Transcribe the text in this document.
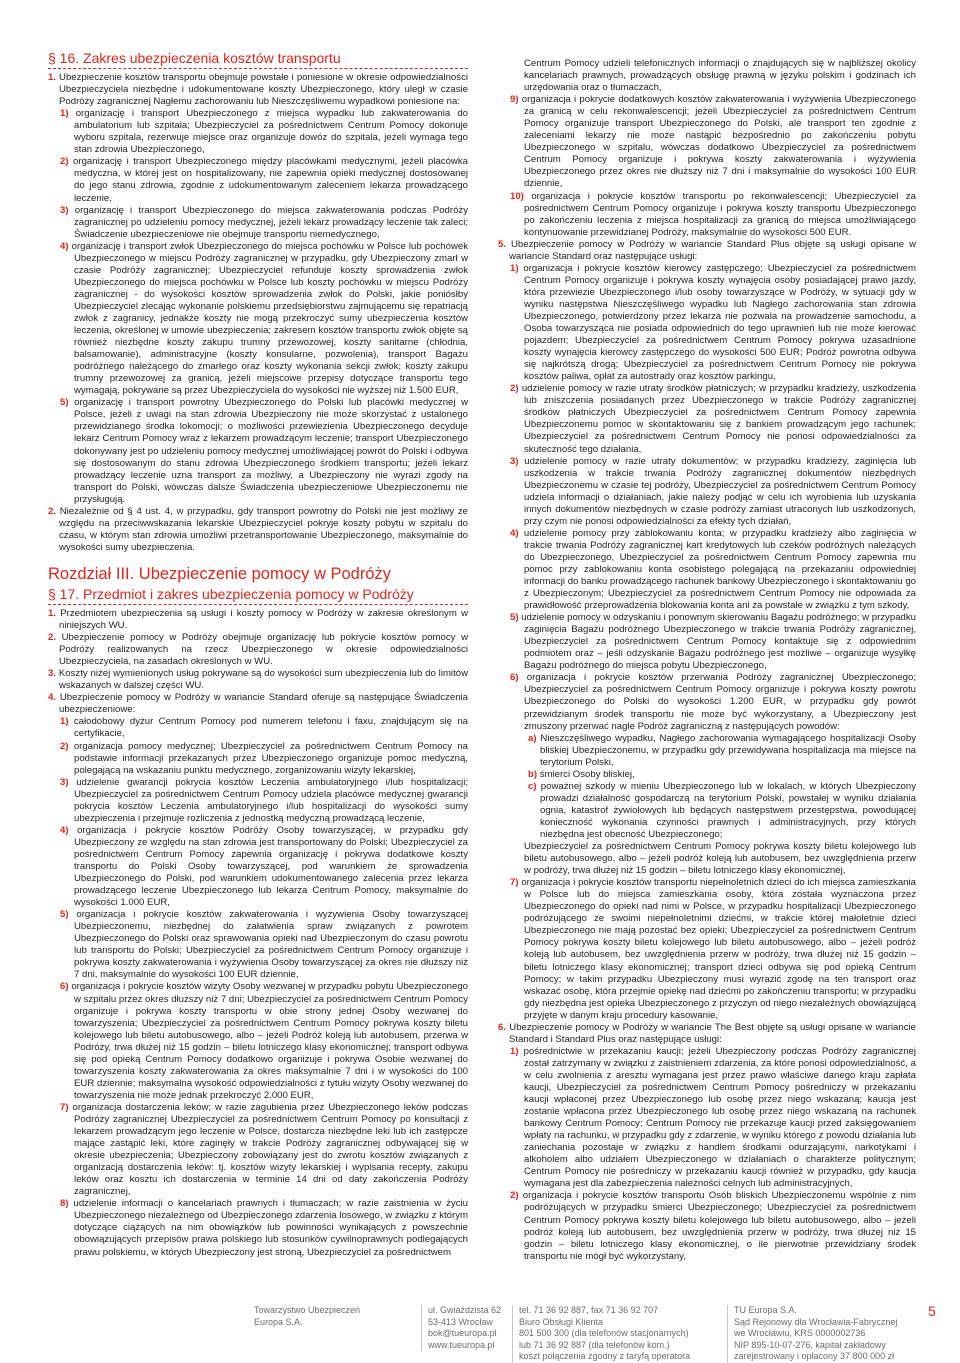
§ 16. Zakres ubezpieczenia kosztów transportu
1. Ubezpieczenie kosztów transportu obejmuje powstałe i poniesione w okresie odpowiedzialności Ubezpieczyciela niezbędne i udokumentowane koszty Ubezpieczonego, który uległ w czasie Podróży zagranicznej Nagłemu zachorowaniu lub Nieszczęśliwemu wypadkowi poniesione na:
1) organizację i transport Ubezpieczonego z miejsca wypadku lub zakwaterowania do ambulatorium lub szpitala; Ubezpieczyciel za pośrednictwem Centrum Pomocy dokonuje wyboru szpitala, rezerwuje miejsce oraz organizuje dowóz do szpitala, jeżeli wymaga tego stan zdrowia Ubezpieczonego,
2) organizację i transport Ubezpieczonego między placówkami medycznymi, jeżeli placówka medyczna, w której jest on hospitalizowany, nie zapewnia opieki medycznej dostosowanej do jego stanu zdrowia, zgodnie z udokumentowanym zaleceniem lekarza prowadzącego leczenie,
3) organizację i transport Ubezpieczonego do miejsca zakwaterowania podczas Podróży zagranicznej po udzieleniu pomocy medycznej, jeżeli lekarz prowadzący leczenie tak zaleci; Świadczenie ubezpieczeniowe nie obejmuje transportu niemedycznego,
4) organizację i transport zwłok Ubezpieczonego do miejsca pochówku w Polsce lub pochówek Ubezpieczonego w miejscu Podróży zagranicznej w przypadku, gdy Ubezpieczony zmarł w czasie Podróży zagranicznej; Ubezpieczyciel refunduje koszty sprowadzenia zwłok Ubezpieczonego do miejsca pochówku w Polsce lub koszty pochówku w miejscu Podróży zagranicznej - do wysokości kosztów sprowadzenia zwłok do Polski, jakie poniósłby Ubezpieczyciel zlecając wykonanie polskiemu przedsiębiorstwu zajmującemu się repatriacją zwłok z zagranicy, jednakże koszty nie mogą przekroczyć sumy ubezpieczenia kosztów leczenia, określonej w umowie ubezpieczenia; zakresem kosztów transportu zwłok objęte są również niezbędne koszty zakupu trumny przewozowej, koszty sanitarne (chłodnia, balsamowanie), administracyjne (koszty konsularne, pozwolenia), transport Bagażu podróżnego należącego do zmarłego oraz koszty wykonania sekcji zwłok; koszty zakupu trumny przewozowej za granicą, jeżeli miejscowe przepisy dotyczące transportu tego wymagają, pokrywane są przez Ubezpieczyciela do wysokości nie wyższej niż 1.500 EUR,
5) organizację i transport powrotny Ubezpieczonego do Polski lub placówki medycznej w Polsce, jeżeli z uwagi na stan zdrowia Ubezpieczony nie może skorzystać z ustalonego przewidzianego środka lokomocji; o możliwości przewiezienia Ubezpieczonego decyduje lekarz Centrum Pomocy wraz z lekarzem prowadzącym leczenie; transport Ubezpieczonego dokonywany jest po udzieleniu pomocy medycznej umożliwiającej powrót do Polski i odbywa się dostosowanym do stanu zdrowia Ubezpieczonego środkiem transportu; jeżeli lekarz prowadzący leczenie uzna transport za możliwy, a Ubezpieczony nie wyrazi zgody na transport do Polski, wówczas dalsze Świadczenia ubezpieczeniowe Ubezpieczonemu nie przysługują.
2. Niezależnie od § 4 ust. 4, w przypadku, gdy transport powrotny do Polski nie jest możliwy ze względu na przeciwwskazania lekarskie Ubezpieczyciel pokryje koszty pobytu w szpitalu do czasu, w którym stan zdrowia umożliwi przetransportowanie Ubezpieczonego, maksymalnie do wysokości sumy ubezpieczenia.
Rozdział III. Ubezpieczenie pomocy w Podróży
§ 17. Przedmiot i zakres ubezpieczenia pomocy w Podróży
1. Przedmiotem ubezpieczenia są usługi i koszty pomocy w Podróży w zakresie określonym w niniejszych WU.
2. Ubezpieczenie pomocy w Podróży obejmuje organizację lub pokrycie kosztów pomocy w Podróży realizowanych na rzecz Ubezpieczonego w okresie odpowiedzialności Ubezpieczyciela, na zasadach określonych w WU.
3. Koszty niżej wymienionych usług pokrywane są do wysokości sum ubezpieczenia lub do limitów wskazanych w dalszej części WU.
4. Ubezpieczenie pomocy w Podróży w wariancie Standard oferuje są następujące Świadczenia ubezpieczeniowe:
1) całodobowy dyżur Centrum Pomocy pod numerem telefonu i faxu, znajdującym się na certyfikacie,
2) organizacja pomocy medycznej; Ubezpieczyciel za pośrednictwem Centrum Pomocy na podstawie informacji przekazanych przez Ubezpieczonego organizuje pomoc medyczną, polegającą na wskazaniu punktu medycznego, zorganizowaniu wizyty lekarskiej,
3) udzielenie gwarancji pokrycia kosztów Leczenia ambulatoryjnego i/lub hospitalizacji; Ubezpieczyciel za pośrednictwem Centrum Pomocy udziela placówce medycznej gwarancji pokrycia kosztów Leczenia ambulatoryjnego i/lub hospitalizacji do wysokości sumy ubezpieczenia i przejmuje rozliczenia z jednostką medyczną prowadzącą leczenie,
4) organizacja i pokrycie kosztów Podróży Osoby towarzyszącej, w przypadku gdy Ubezpieczony ze względu na stan zdrowia jest transportowany do Polski; Ubezpieczyciel za pośrednictwem Centrum Pomocy zapewnia organizację i pokrywa dodatkowe koszty transportu do Polski Osoby towarzyszącej, pod warunkiem że sprowadzenia Ubezpieczonego do Polski, pod warunkiem udokumentowanego zalecenia przez lekarza prowadzącego leczenie Ubezpieczonego lub lekarza Centrum Pomocy, maksymalnie do wysokości 1.000 EUR,
5) organizacja i pokrycie kosztów zakwaterowania i wyżywienia Osoby towarzyszącej Ubezpieczonemu, niezbędnej do załatwienia spraw związanych z powrotem Ubezpieczonego do Polski oraz sprawowania opieki nad Ubezpieczonym do czasu powrotu lub transportu do Polski; Ubezpieczyciel za pośrednictwem Centrum Pomocy organizuje i pokrywa koszty zakwaterowania i wyżywienia Osoby towarzyszącej za okres nie dłuższy niż 7 dni, maksymalnie do wysokości 100 EUR dziennie,
6) organizacja i pokrycie kosztów wizyty Osoby wezwanej w przypadku pobytu Ubezpieczonego w szpitalu przez okres dłuższy niż 7 dni; Ubezpieczyciel za pośrednictwem Centrum Pomocy organizuje i pokrywa koszty transportu w obie strony jednej Osoby wezwanej do towarzyszenia; Ubezpieczyciel za pośrednictwem Centrum Pomocy pokrywa koszty biletu kolejowego lub biletu autobusowego, albo – jeżeli Podróż koleją lub autobusem, przerwa w Podróży, trwa dłużej niż 15 godzin – biletu lotniczego klasy ekonomicznej; transport odbywa się pod opieką Centrum Pomocy dodatkowo organizuje i pokrywa Osobie wezwanej do towarzyszenia koszty zakwaterowania za okres maksymalnie 7 dni i w wysokości do 100 EUR dziennie; maksymalna wysokość odpowiedzialności z tytułu wizyty Osoby wezwanej do towarzyszenia nie może jednak przekroczyć 2.000 EUR,
7) organizacja dostarczenia leków; w razie zagubienia przez Ubezpieczonego leków podczas Podróży zagranicznej Ubezpieczyciel za pośrednictwem Centrum Pomocy po konsultacji z lekarzem prowadzącym jego leczenie w Polsce, dostarcza niezbędne leki lub ich zastępcze mające zastąpić leki, które zaginęły w trakcie Podróży zagranicznej odbywającej się w okresie ubezpieczenia; Ubezpieczony zobowiązany jest do zwrotu kosztów związanych z organizacją dostarczenia leków: tj. kosztów wizyty lekarskiej i wypisania recepty, zakupu leków oraz kosztu ich dostarczenia w terminie 14 dni od daty zakończenia Podróży zagranicznej,
8) udzielenie informacji o kancelariach prawnych i tłumaczach; w razie zaistnienia w życiu Ubezpieczonego niezależnego od Ubezpieczonego zdarzenia losowego, w związku z którym dotyczące ciążących na nim obowiązków lub powinności wynikających z powszechnie obowiązujących przepisów prawa polskiego lub stosunków cywilnoprawnych podlegających prawu polskiemu, w których Ubezpieczony jest stroną, Ubezpieczyciel za pośrednictwem
Centrum Pomocy udzieli telefonicznych informacji o znajdujących się w najbliższej okolicy kancelariach prawnych, prowadzących obsługę prawną w języku polskim i godzinach ich urzędowania oraz o tłumaczach,
9) organizacja i pokrycie dodatkowych kosztów zakwaterowania i wyżywienia Ubezpieczonego za granicą w celu rekonwalescencji; jeżeli Ubezpieczyciel za pośrednictwem Centrum Pomocy organizuje transport Ubezpieczonego do Polski, ale transport ten zgodnie z zaleceniami lekarzy nie może nastąpić bezpośrednio po zakończeniu pobytu Ubezpieczonego w szpitalu, wówczas dodatkowo Ubezpieczyciel za pośrednictwem Centrum Pomocy organizuje i pokrywa koszty zakwaterowania i wyżywienia Ubezpieczonego przez okres nie dłuższy niż 7 dni i maksymalnie do wysokości 100 EUR dziennie,
10) organizacja i pokrycie kosztów transportu po rekonwalescencji; Ubezpieczyciel za pośrednictwem Centrum Pomocy organizuje i pokrywa koszty transportu Ubezpieczonego po zakończeniu leczenia z miejsca hospitalizacji za granicą do miejsca umożliwiającego kontynuowanie przewidzianej Podróży, maksymalnie do wysokości 500 EUR.
5. Ubezpieczenie pomocy w Podróży w wariancie Standard Plus objęte są usługi opisane w wariancie Standard oraz następujące usługi:
1) organizacja i pokrycie kosztów kierowcy zastępczego; Ubezpieczyciel za pośrednictwem Centrum Pomocy organizuje i pokrywa koszty wynajęcia osoby posiadającej prawo jazdy, która przewiezie Ubezpieczonego i/lub osoby towarzyszące w Podróży, w sytuacji gdy w wyniku następstwa Nieszczęśliwego wypadku lub Nagłego zachorowania stan zdrowia Ubezpieczonego, potwierdzony przez lekarza nie pozwala na prowadzenie samochodu, a Osoba towarzysząca nie posiada odpowiednich do tego uprawnień lub nie może kierować pojazdem; Ubezpieczyciel za pośrednictwem Centrum Pomocy pokrywa uzasadnione koszty wynajęcia kierowcy zastępczego do wysokości 500 EUR; Podróż powrotna odbywa się najkrótszą drogą; Ubezpieczyciel za pośrednictwem Centrum Pomocy nie pokrywa kosztów paliwa, opłat za autostrady oraz kosztów parkingu,
2) udzielenie pomocy w razie utraty środków płatniczych; w przypadku kradzieży, uszkodzenia lub zniszczenia posiadanych przez Ubezpieczonego w trakcie Podróży zagranicznej środków płatniczych Ubezpieczyciel za pośrednictwem Centrum Pomocy zapewnia Ubezpieczonemu pomoc w skontaktowaniu się z bankiem prowadzącym jego rachunek; Ubezpieczyciel za pośrednictwem Centrum Pomocy nie ponosi odpowiedzialności za skuteczność tego działania,
3) udzielenie pomocy w razie utraty dokumentów; w przypadku kradzieży, zaginięcia lub uszkodzenia w trakcie trwania Podróży zagranicznej dokumentów niezbędnych Ubezpieczonemu w czasie tej podróży, Ubezpieczyciel za pośrednictwem Centrum Pomocy udziela informacji o działaniach, jakie należy podjąć w celu ich wyrobienia lub uzyskania innych dokumentów niezbędnych w czasie podróży zamiast utraconych lub uszkodzonych, przy czym nie ponosi odpowiedzialności za efekty tych działań,
4) udzielenie pomocy przy zablokowaniu konta; w przypadku kradzieży albo zaginięcia w trakcie trwania Podróży zagranicznej kart kredytowych lub czeków podróżnych należących do Ubezpieczonego, Ubezpieczyciel za pośrednictwem Centrum Pomocy zapewnia mu pomoc przy zablokowaniu konta osobistego polegającą na przekazaniu odpowiedniej informacji do banku prowadzącego rachunek bankowy Ubezpieczonego i skontaktowaniu go z Ubezpieczonym; Ubezpieczyciel za pośrednictwem Centrum Pomocy nie odpowiada za prawidłowość przeprowadzenia blokowania konta ani za powstałe w związku z tym szkody,
5) udzielenie pomocy w odzyskaniu i ponownym skierowaniu Bagażu podróżnego; w przypadku zaginięcia Bagażu podróżnego Ubezpieczonego w trakcie trwania Podróży zagranicznej, Ubezpieczyciel za pośrednictwem Centrum Pomocy kontaktuje się z odpowiednim podmiotem oraz – jeśli odzyskanie Bagażu podróżnego jest możliwe – organizuje wysyłkę Bagażu podróżnego do miejsca pobytu Ubezpieczonego,
6) organizacja i pokrycie kosztów przerwania Podróży zagranicznej Ubezpieczonego; Ubezpieczyciel za pośrednictwem Centrum Pomocy organizuje i pokrywa koszty powrotu Ubezpieczonego do Polski do wysokości 1.200 EUR, w przypadku gdy powrót przewidzianym środek transportu nie może być wykorzystany, a Ubezpieczony jest zmuszony przerwać nagle Podróż zagraniczną z następujących powodów:
a) Nieszczęśliwego wypadku, Nagłego zachorowania wymagającego hospitalizacji Osoby bliskiej Ubezpieczonemu, w przypadku gdy przewidywana hospitalizacja ma miejsce na terytorium Polski,
b) śmierci Osoby bliskiej,
c) poważnej szkody w mieniu Ubezpieczonego lub w lokalach, w których Ubezpieczony prowadzi działalność gospodarczą na terytorium Polski, powstałej w wyniku działania ognia, katastrof żywiołowych lub będących następstwem przestępstwa, powodującej konieczność wykonania czynności prawnych i administracyjnych, przy których niezbędna jest obecność Ubezpieczonego;
Ubezpieczyciel za pośrednictwem Centrum Pomocy pokrywa koszty biletu kolejowego lub biletu autobusowego, albo – jeżeli podróż koleją lub autobusem, bez uwzględnienia przerw w podróży, trwa dłużej niż 15 godzin – biletu lotniczego klasy ekonomicznej,
7) organizacja i pokrycie kosztów transportu niepełnoletnich dzieci do ich miejsca zamieszkania w Polsce lub do miejsca zamieszkania osoby, która została wyznaczona przez Ubezpieczonego do opieki nad nimi w Polsce, w przypadku hospitalizacji Ubezpieczonego podróżującego ze swoimi niepełnoletnimi dziećmi, w trakcie której małoletnie dzieci Ubezpieczonego nie mają pozostać bez opieki; Ubezpieczyciel za pośrednictwem Centrum Pomocy pokrywa koszty biletu kolejowego lub biletu autobusowego, albo – jeżeli podróż koleją lub autobusem, bez uwzględnienia przerw w podróży, trwa dłużej niż 15 godzin – biletu lotniczego klasy ekonomicznej; transport dzieci odbywa się pod opieką Centrum Pomocy; w takim przypadku Ubezpieczony musi wyrazić zgodę na ten transport oraz wskazać osobę, która przejmie opiekę nad dziećmi po zakończeniu transportu; w przypadku gdy niezbędna jest opieka Ubezpieczonego z przyczyn od niego niezależnych obowiązującą przyjęte w danym kraju procedury kasowanie,
6. Ubezpieczenie pomocy w Podróży w wariancie The Best objęte są usługi opisane w wariancie Standard i Standard Plus oraz następujące usługi:
1) pośrednictwie w przekazaniu kaucji; jeżeli Ubezpieczony podczas Podróży zagranicznej został zatrzymany w związku z zaistnieniem zdarzenia, za które ponosi odpowiedzialność, a w celu zwolnienia z aresztu wymagana jest przez prawo właściwe danego kraju zapłata kaucji, Ubezpieczyciel za pośrednictwem Centrum Pomocy pośredniczy w przekazaniu kaucji wpłaconej przez Ubezpieczonego lub osobę przez niego wskazaną; kaucja jest zostanie wpłacona przez Ubezpieczonego lub osobę przez niego wskazaną na rachunek bankowy Centrum Pomocy; Centrum Pomocy nie przekazuje kaucji przed zaksięgowaniem wpłaty na rachunku, w przypadku gdy z zdarzenie, w wyniku którego z powodu działania lub zaniechania pozostaje w związku z handlem środkami odurzającymi, narkotykami i alkoholem albo udziałem Ubezpieczonego w działaniach o charakterze politycznym; Centrum Pomocy nie pośredniczy w przekazaniu kaucji również w przypadku, gdy kaucja wymagana jest dla zabezpieczenia należności celnych lub administracyjnych,
2) organizacja i pokrycie kosztów transportu Osób bliskich Ubezpieczonemu wspólnie z nim podróżujących w przypadku śmierci Ubezpieczonego; Ubezpieczyciel za pośrednictwem Centrum Pomocy pokrywa koszty biletu kolejowego lub biletu autobusowego, albo – jeżeli podróż koleją lub autobusem, bez uwzględnienia przerw w podróży, trwa dłużej niż 15 godzin – biletu lotniczego klasy ekonomicznej, o ile pierwotnie przewidziany środek transportu nie mógł być wykorzystany,
Towarzystwo Ubezpieczeń
Europa S.A.
ul. Gwiaździsta 62
53-413 Wrocław
bok@tueuropa.pl
www.tueuropa.pl
tel. 71 36 92 887, fax 71 36 92 707
Biuro Obsługi Klienta
801 500 300 (dla telefonów stacjonarnych)
lub 71 36 92 887 (dla telefonów kom.)
koszt połączenia zgodny z taryfą operatora
TU Europa S.A.
Sąd Rejonowy dla Wrocławia-Fabrycznej
we Wrocławiu, KRS 0000002736
NIP 895-10-07-276, kapitał zakładowy
zarejestrowany i opłacony 37 800 000 zł
5
